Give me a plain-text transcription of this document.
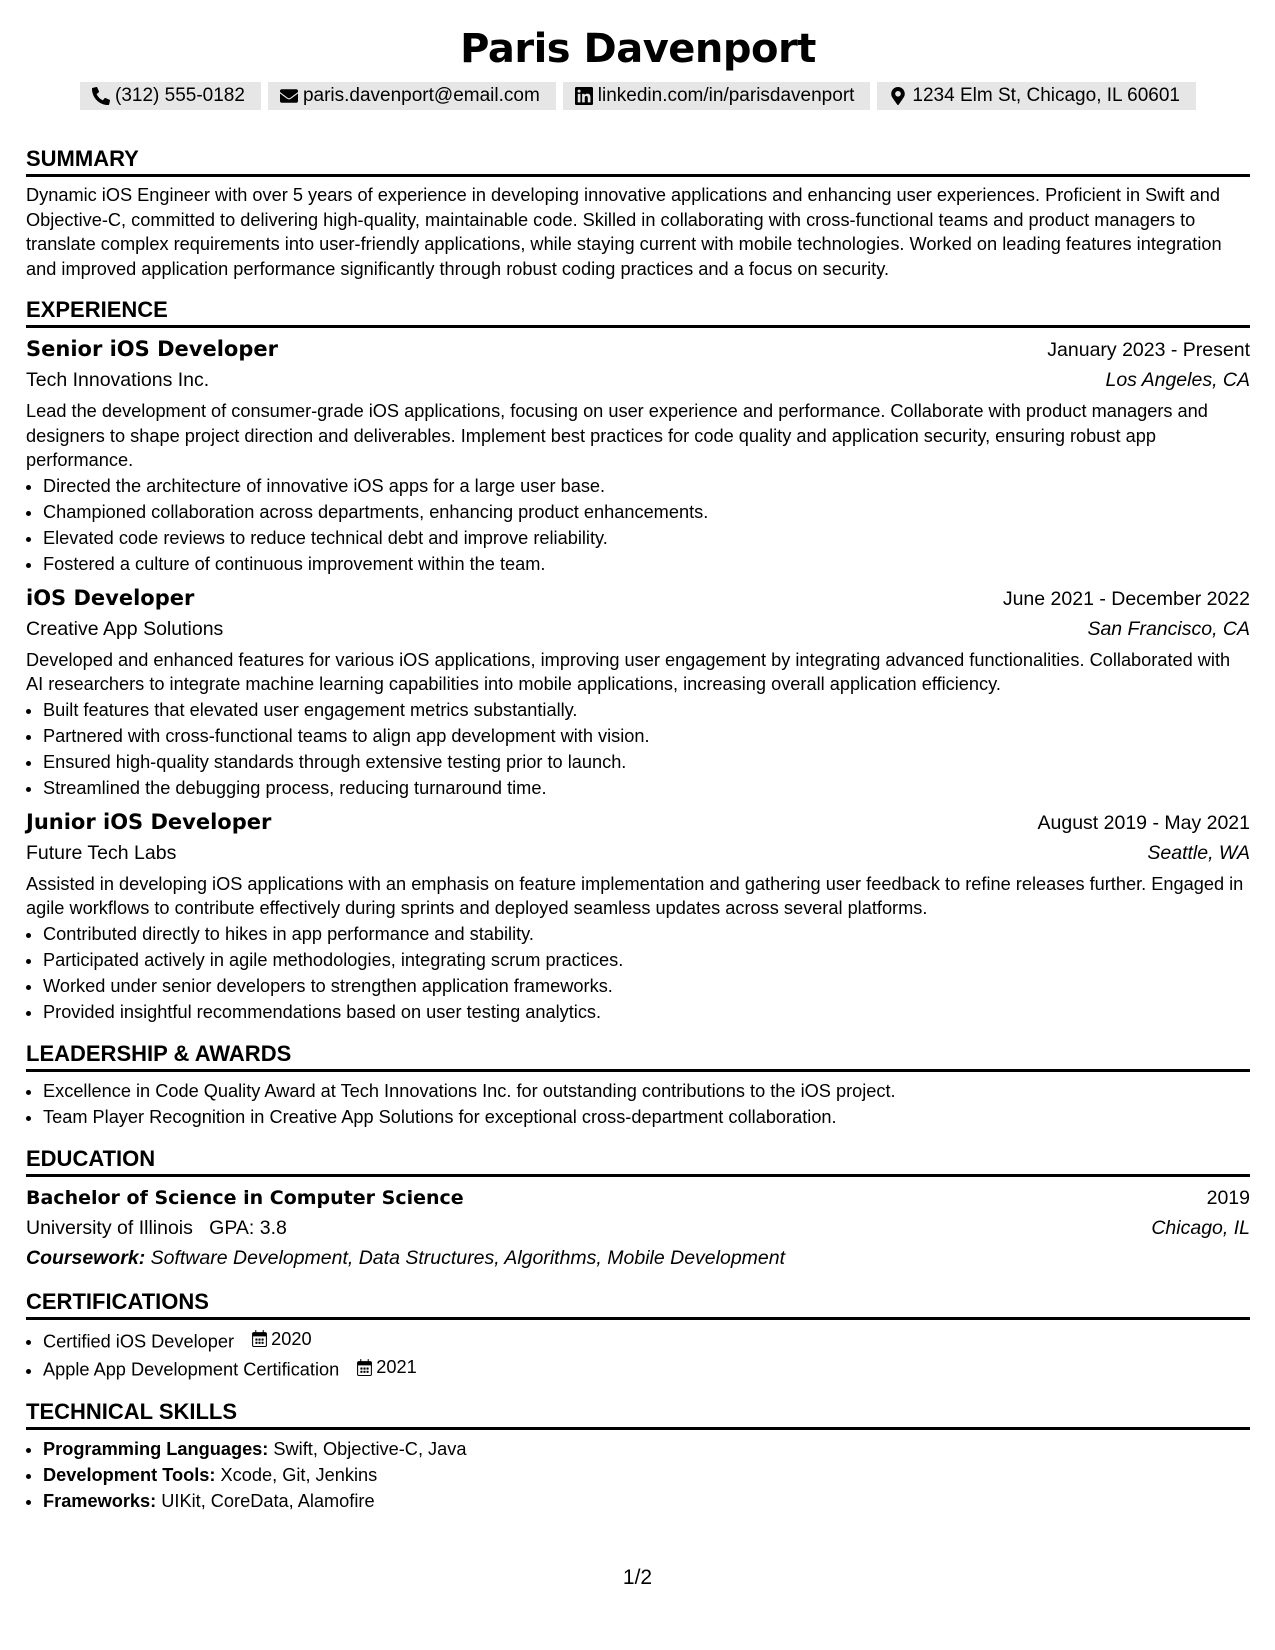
Paris Davenport
(312) 555-0182	paris.davenport@email.com	linkedin.com/in/parisdavenport	1234 Elm St, Chicago, IL 60601
SUMMARY

Dynamic iOS Engineer with over 5 years of experience in developing innovative applications and enhancing user experiences. Proficient in Swift and Objective-C, committed to delivering high-quality, maintainable code. Skilled in collaborating with cross-functional teams and product managers to translate complex requirements into user-friendly applications, while staying current with mobile technologies. Worked on leading features integration and improved application performance significantly through robust coding practices and a focus on security.

EXPERIENCE
Senior iOS Developer	January 2023 - Present
Tech Innovations Inc.	Los Angeles, CA

Lead the development of consumer-grade iOS applications, focusing on user experience and performance. Collaborate with product managers and designers to shape project direction and deliverables. Implement best practices for code quality and application security, ensuring robust app performance.

• Directed the architecture of innovative iOS apps for a large user base.
• Championed collaboration across departments, enhancing product enhancements.
• Elevated code reviews to reduce technical debt and improve reliability.
• Fostered a culture of continuous improvement within the team.
iOS Developer	June 2021 - December 2022
Creative App Solutions	San Francisco, CA

Developed and enhanced features for various iOS applications, improving user engagement by integrating advanced functionalities. Collaborated with AI researchers to integrate machine learning capabilities into mobile applications, increasing overall application efficiency.

• Built features that elevated user engagement metrics substantially.
• Partnered with cross-functional teams to align app development with vision.
• Ensured high-quality standards through extensive testing prior to launch.
• Streamlined the debugging process, reducing turnaround time.
Junior iOS Developer	August 2019 - May 2021
Future Tech Labs	Seattle, WA

Assisted in developing iOS applications with an emphasis on feature implementation and gathering user feedback to refine releases further. Engaged in agile workflows to contribute effectively during sprints and deployed seamless updates across several platforms.

• Contributed directly to hikes in app performance and stability.
• Participated actively in agile methodologies, integrating scrum practices.
• Worked under senior developers to strengthen application frameworks.
• Provided insightful recommendations based on user testing analytics.
LEADERSHIP & AWARDS
• Excellence in Code Quality Award at Tech Innovations Inc. for outstanding contributions to the iOS project.
• Team Player Recognition in Creative App Solutions for exceptional cross-department collaboration.
EDUCATION
Bachelor of Science in Computer Science	2019
University of Illinois GPA: 3.8	Chicago, IL
Coursework: Software Development, Data Structures, Algorithms, Mobile Development
CERTIFICATIONS
• Certified iOS Developer 2020
• Apple App Development Certification 2021
TECHNICAL SKILLS
• Programming Languages: Swift, Objective-C, Java
• Development Tools: Xcode, Git, Jenkins
• Frameworks: UIKit, CoreData, Alamofire
1/2
